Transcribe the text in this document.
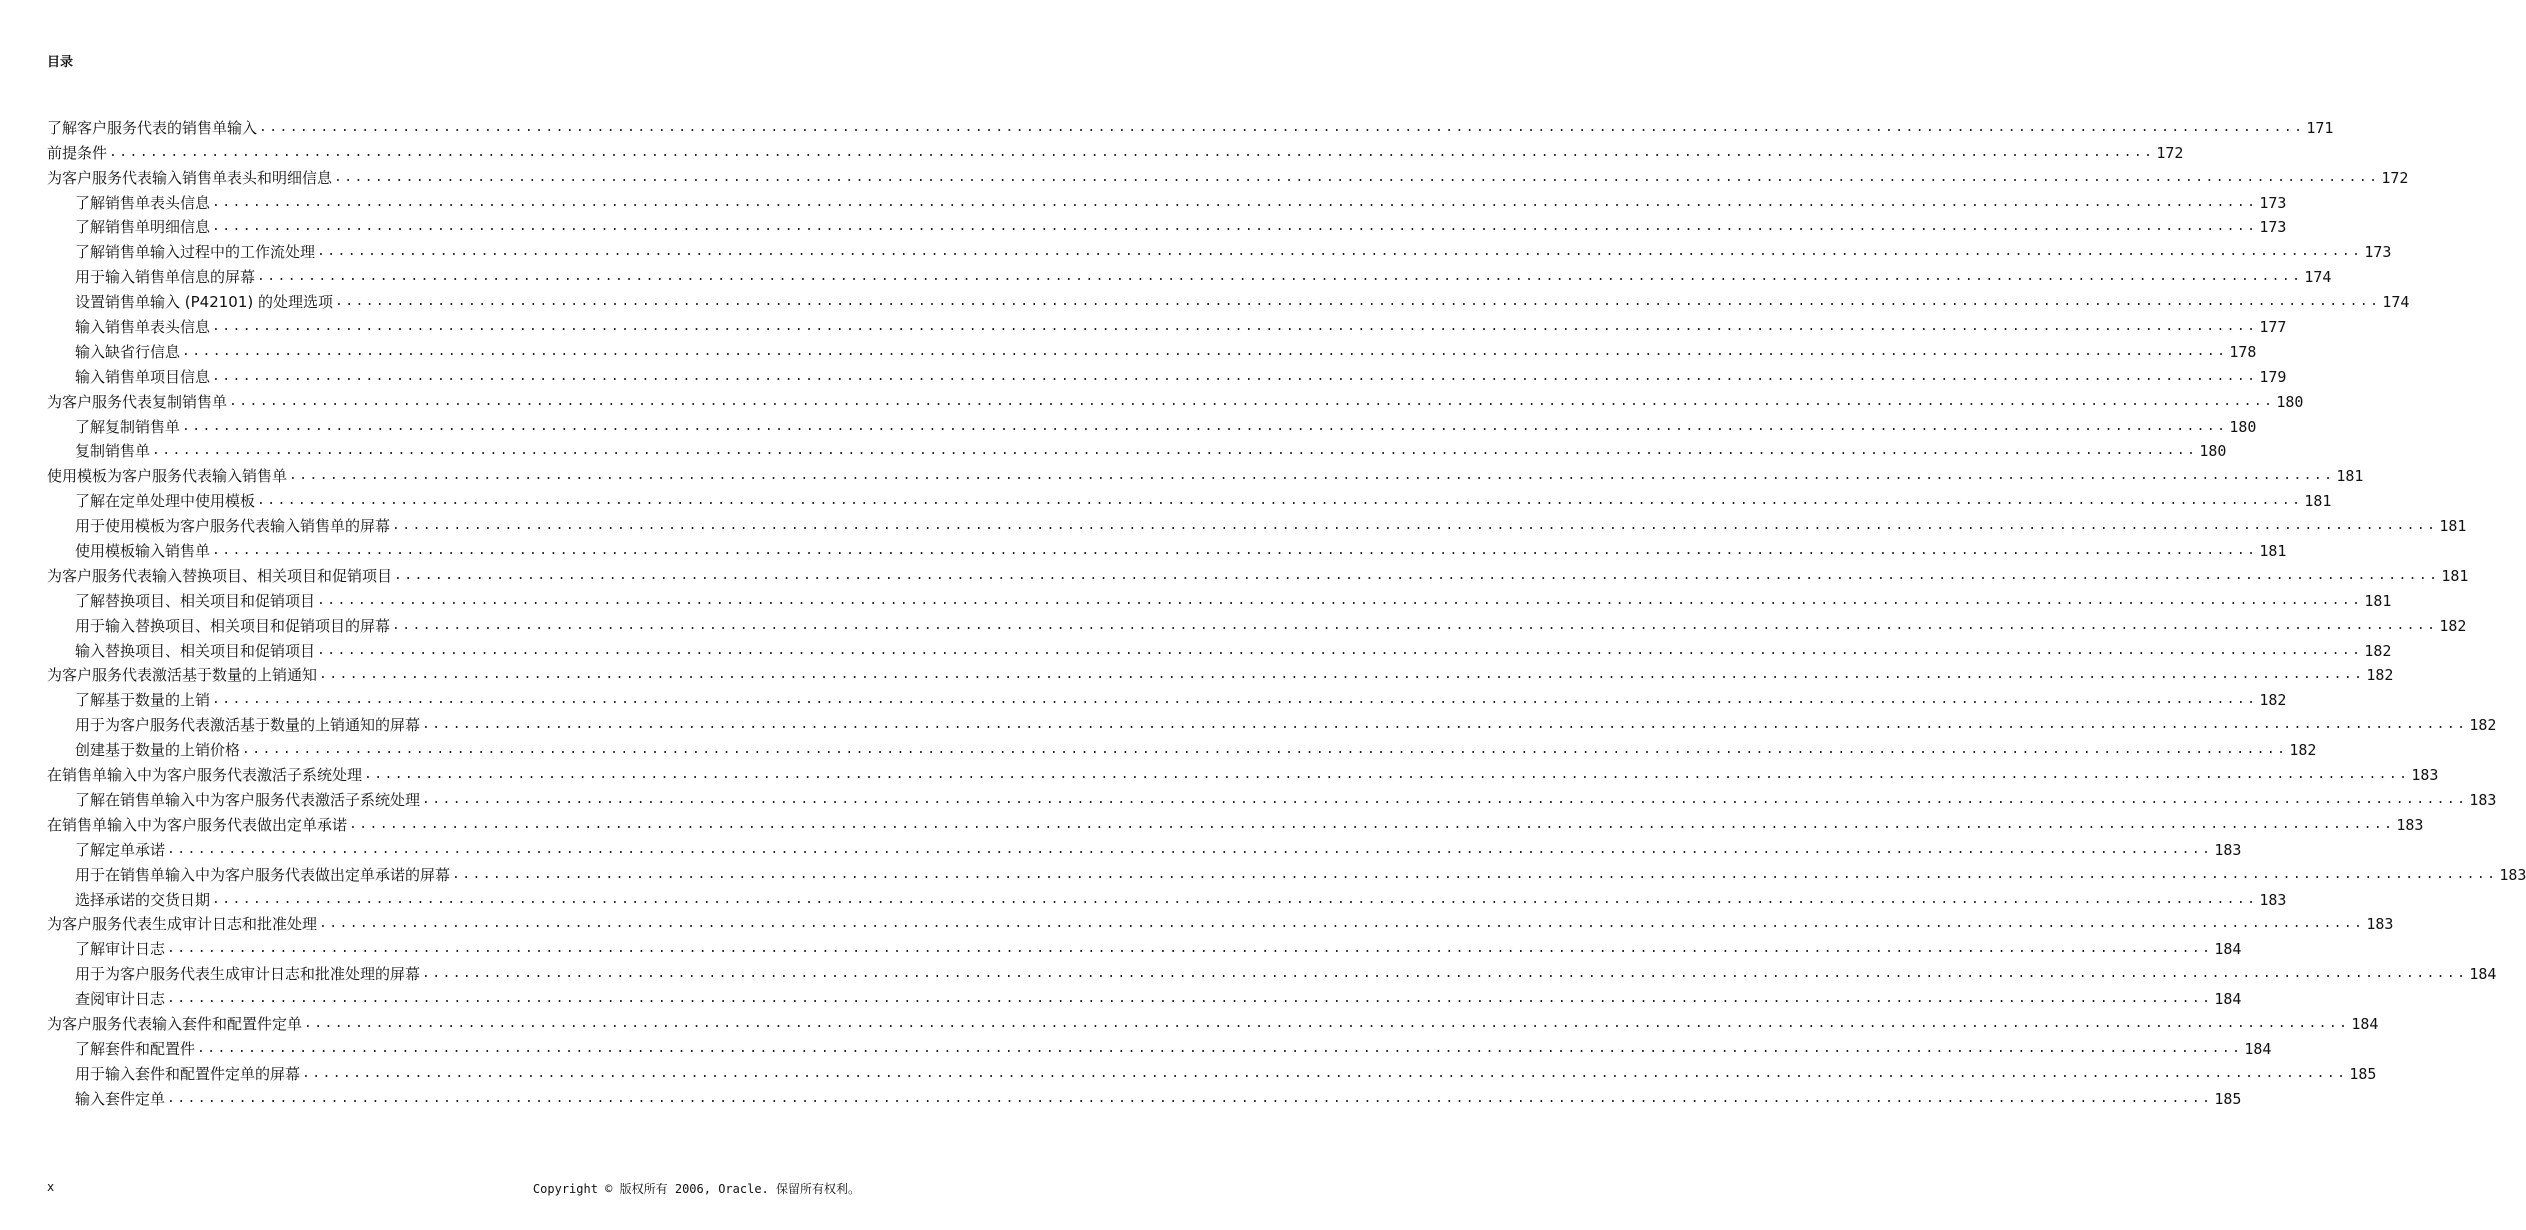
目录
了解客户服务代表的销售单输入 ........................................................................................................................................................................................................ 171
前提条件 ........................................................................................................................................................................................................ 172
为客户服务代表输入销售单表头和明细信息 ........................................................................................................................................................................................................ 172
了解销售单表头信息 ........................................................................................................................................................................................................ 173
了解销售单明细信息 ........................................................................................................................................................................................................ 173
了解销售单输入过程中的工作流处理 ........................................................................................................................................................................................................ 173
用于输入销售单信息的屏幕 ........................................................................................................................................................................................................ 174
设置销售单输入 (P42101) 的处理选项 ........................................................................................................................................................................................................ 174
输入销售单表头信息 ........................................................................................................................................................................................................ 177
输入缺省行信息 ........................................................................................................................................................................................................ 178
输入销售单项目信息 ........................................................................................................................................................................................................ 179
为客户服务代表复制销售单 ........................................................................................................................................................................................................ 180
了解复制销售单 ........................................................................................................................................................................................................ 180
复制销售单 ........................................................................................................................................................................................................ 180
使用模板为客户服务代表输入销售单 ........................................................................................................................................................................................................ 181
了解在定单处理中使用模板 ........................................................................................................................................................................................................ 181
用于使用模板为客户服务代表输入销售单的屏幕 ........................................................................................................................................................................................................ 181
使用模板输入销售单 ........................................................................................................................................................................................................ 181
为客户服务代表输入替换项目、相关项目和促销项目 ........................................................................................................................................................................................................ 181
了解替换项目、相关项目和促销项目 ........................................................................................................................................................................................................ 181
用于输入替换项目、相关项目和促销项目的屏幕 ........................................................................................................................................................................................................ 182
输入替换项目、相关项目和促销项目 ........................................................................................................................................................................................................ 182
为客户服务代表激活基于数量的上销通知 ........................................................................................................................................................................................................ 182
了解基于数量的上销 ........................................................................................................................................................................................................ 182
用于为客户服务代表激活基于数量的上销通知的屏幕 ........................................................................................................................................................................................................ 182
创建基于数量的上销价格 ........................................................................................................................................................................................................ 182
在销售单输入中为客户服务代表激活子系统处理 ........................................................................................................................................................................................................ 183
了解在销售单输入中为客户服务代表激活子系统处理 ........................................................................................................................................................................................................ 183
在销售单输入中为客户服务代表做出定单承诺 ........................................................................................................................................................................................................ 183
了解定单承诺 ........................................................................................................................................................................................................ 183
用于在销售单输入中为客户服务代表做出定单承诺的屏幕 ........................................................................................................................................................................................................ 183
选择承诺的交货日期 ........................................................................................................................................................................................................ 183
为客户服务代表生成审计日志和批准处理 ........................................................................................................................................................................................................ 183
了解审计日志 ........................................................................................................................................................................................................ 184
用于为客户服务代表生成审计日志和批准处理的屏幕 ........................................................................................................................................................................................................ 184
查阅审计日志 ........................................................................................................................................................................................................ 184
为客户服务代表输入套件和配置件定单 ........................................................................................................................................................................................................ 184
了解套件和配置件 ........................................................................................................................................................................................................ 184
用于输入套件和配置件定单的屏幕 ........................................................................................................................................................................................................ 185
输入套件定单 ........................................................................................................................................................................................................ 185
x	Copyright © 版权所有 2006, Oracle. 保留所有权利。
